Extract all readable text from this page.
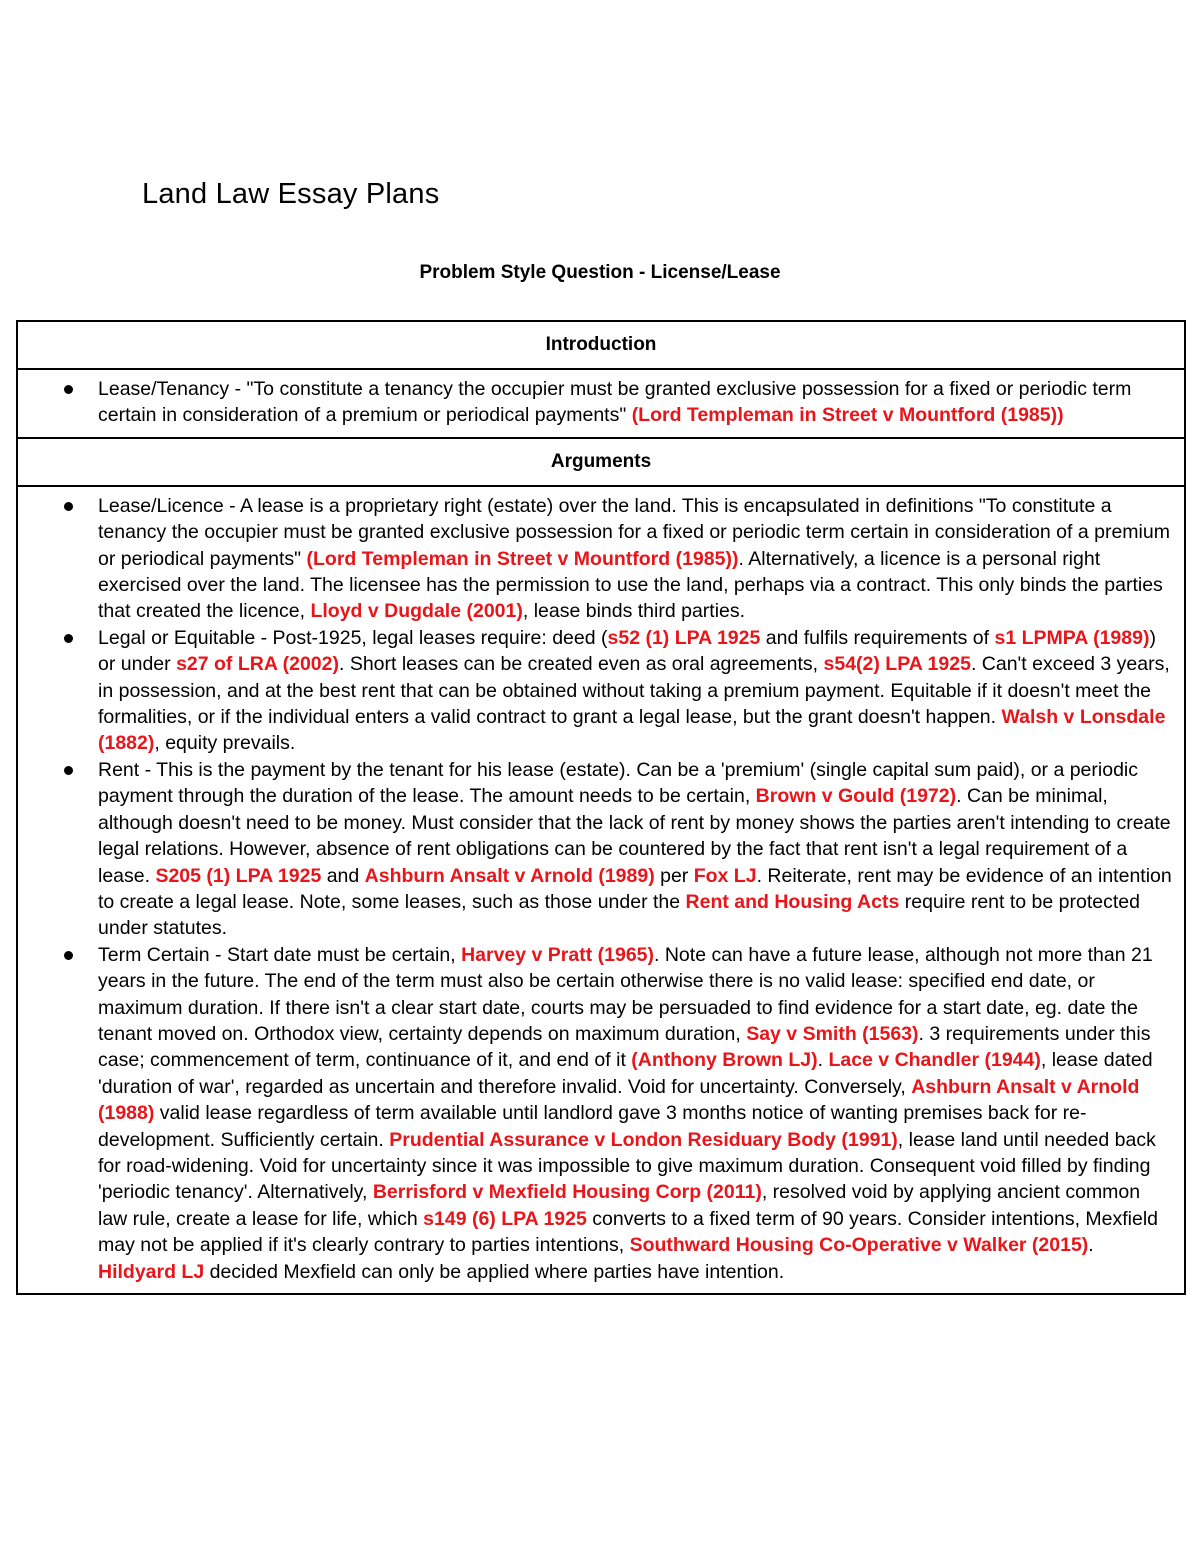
Land Law Essay Plans
Problem Style Question - License/Lease
Introduction
Lease/Tenancy - "To constitute a tenancy the occupier must be granted exclusive possession for a fixed or periodic term certain in consideration of a premium or periodical payments" (Lord Templeman in Street v Mountford (1985))
Arguments
Lease/Licence - A lease is a proprietary right (estate) over the land. This is encapsulated in definitions "To constitute a tenancy the occupier must be granted exclusive possession for a fixed or periodic term certain in consideration of a premium or periodical payments" (Lord Templeman in Street v Mountford (1985)). Alternatively, a licence is a personal right exercised over the land. The licensee has the permission to use the land, perhaps via a contract. This only binds the parties that created the licence, Lloyd v Dugdale (2001), lease binds third parties.
Legal or Equitable - Post-1925, legal leases require: deed (s52 (1) LPA 1925 and fulfils requirements of s1 LPMPA (1989)) or under s27 of LRA (2002). Short leases can be created even as oral agreements, s54(2) LPA 1925. Can't exceed 3 years, in possession, and at the best rent that can be obtained without taking a premium payment. Equitable if it doesn't meet the formalities, or if the individual enters a valid contract to grant a legal lease, but the grant doesn't happen. Walsh v Lonsdale (1882), equity prevails.
Rent - This is the payment by the tenant for his lease (estate). Can be a 'premium' (single capital sum paid), or a periodic payment through the duration of the lease. The amount needs to be certain, Brown v Gould (1972). Can be minimal, although doesn't need to be money. Must consider that the lack of rent by money shows the parties aren't intending to create legal relations. However, absence of rent obligations can be countered by the fact that rent isn't a legal requirement of a lease. S205 (1) LPA 1925 and Ashburn Ansalt v Arnold (1989) per Fox LJ. Reiterate, rent may be evidence of an intention to create a legal lease. Note, some leases, such as those under the Rent and Housing Acts require rent to be protected under statutes.
Term Certain - Start date must be certain, Harvey v Pratt (1965). Note can have a future lease, although not more than 21 years in the future. The end of the term must also be certain otherwise there is no valid lease: specified end date, or maximum duration. If there isn't a clear start date, courts may be persuaded to find evidence for a start date, eg. date the tenant moved on. Orthodox view, certainty depends on maximum duration, Say v Smith (1563). 3 requirements under this case; commencement of term, continuance of it, and end of it (Anthony Brown LJ). Lace v Chandler (1944), lease dated 'duration of war', regarded as uncertain and therefore invalid. Void for uncertainty. Conversely, Ashburn Ansalt v Arnold (1988) valid lease regardless of term available until landlord gave 3 months notice of wanting premises back for re-development. Sufficiently certain. Prudential Assurance v London Residuary Body (1991), lease land until needed back for road-widening. Void for uncertainty since it was impossible to give maximum duration. Consequent void filled by finding 'periodic tenancy'. Alternatively, Berrisford v Mexfield Housing Corp (2011), resolved void by applying ancient common law rule, create a lease for life, which s149 (6) LPA 1925 converts to a fixed term of 90 years. Consider intentions, Mexfield may not be applied if it's clearly contrary to parties intentions, Southward Housing Co-Operative v Walker (2015). Hildyard LJ decided Mexfield can only be applied where parties have intention.
